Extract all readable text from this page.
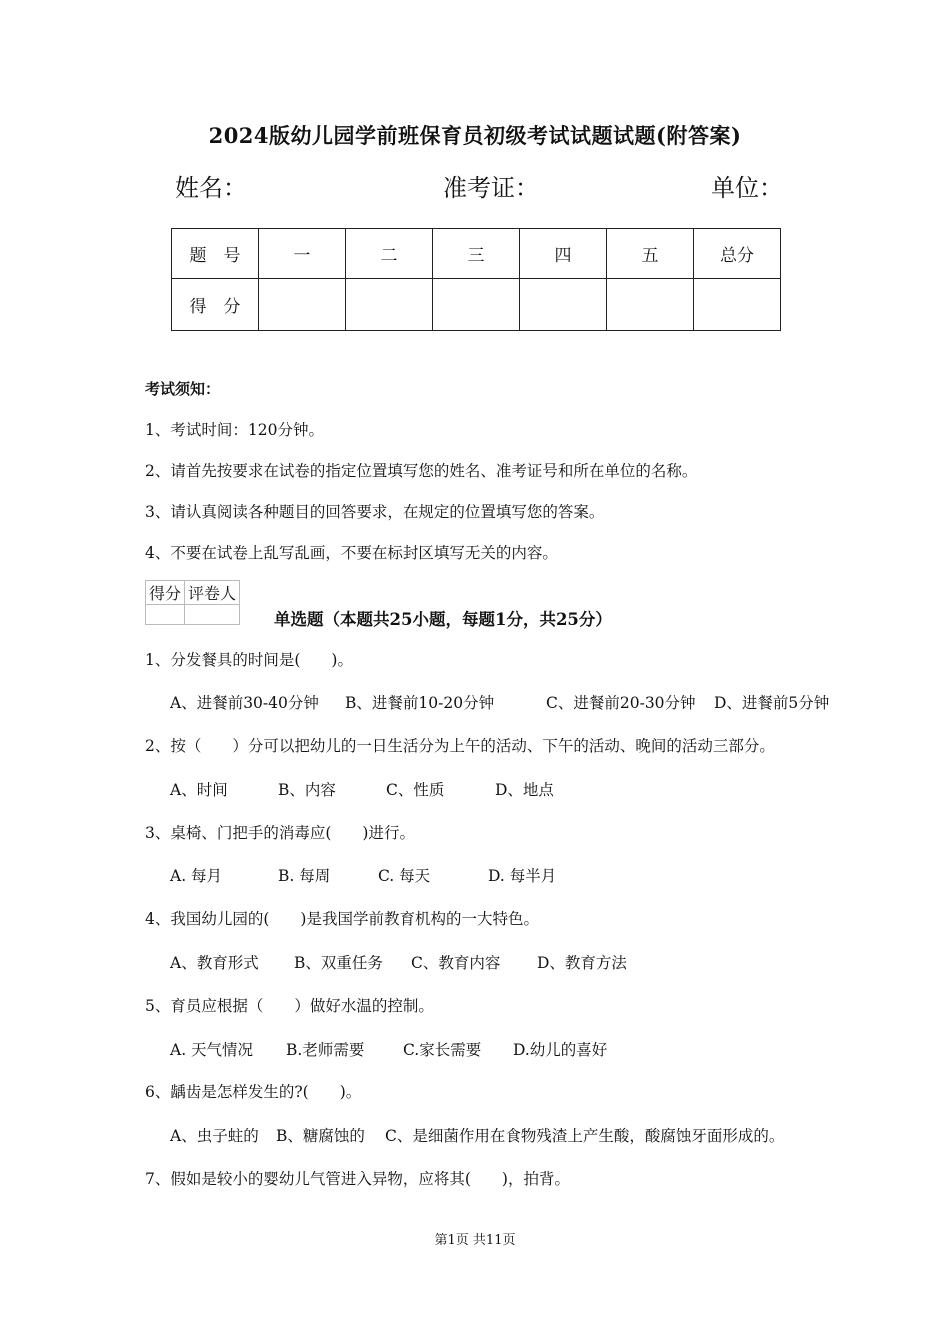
2024版幼儿园学前班保育员初级考试试题试题(附答案)
姓名：	准考证：	单位：
题　号	一	二	三	四	五	总分
得　分						
考试须知：
1、考试时间：120分钟。
2、请首先按要求在试卷的指定位置填写您的姓名、准考证号和所在单位的名称。
3、请认真阅读各种题目的回答要求，在规定的位置填写您的答案。
4、不要在试卷上乱写乱画，不要在标封区填写无关的内容。
得分	评卷人

单选题（本题共25小题，每题1分，共25分）
1、分发餐具的时间是(　　)。
A、进餐前30-40分钟 B、进餐前10-20分钟	C、进餐前20-30分钟 D、进餐前5分钟
2、按（　　）分可以把幼儿的一日生活分为上午的活动、下午的活动、晚间的活动三部分。
A、时间	B、内容	C、性质	D、地点
3、桌椅、门把手的消毒应(　　)进行。
A. 每月	B. 每周	C. 每天	D. 每半月
4、我国幼儿园的(　　)是我国学前教育机构的一大特色。
A、教育形式 B、双重任务 C、教育内容 D、教育方法
5、育员应根据（　　）做好水温的控制。
A. 天气情况 B.老师需要 C.家长需要 D.幼儿的喜好
6、龋齿是怎样发生的?(　　)。
A、虫子蛀的 B、糖腐蚀的 C、是细菌作用在食物残渣上产生酸，酸腐蚀牙面形成的。
7、假如是较小的婴幼儿气管进入异物，应将其(　　)，拍背。
第1页 共11页
